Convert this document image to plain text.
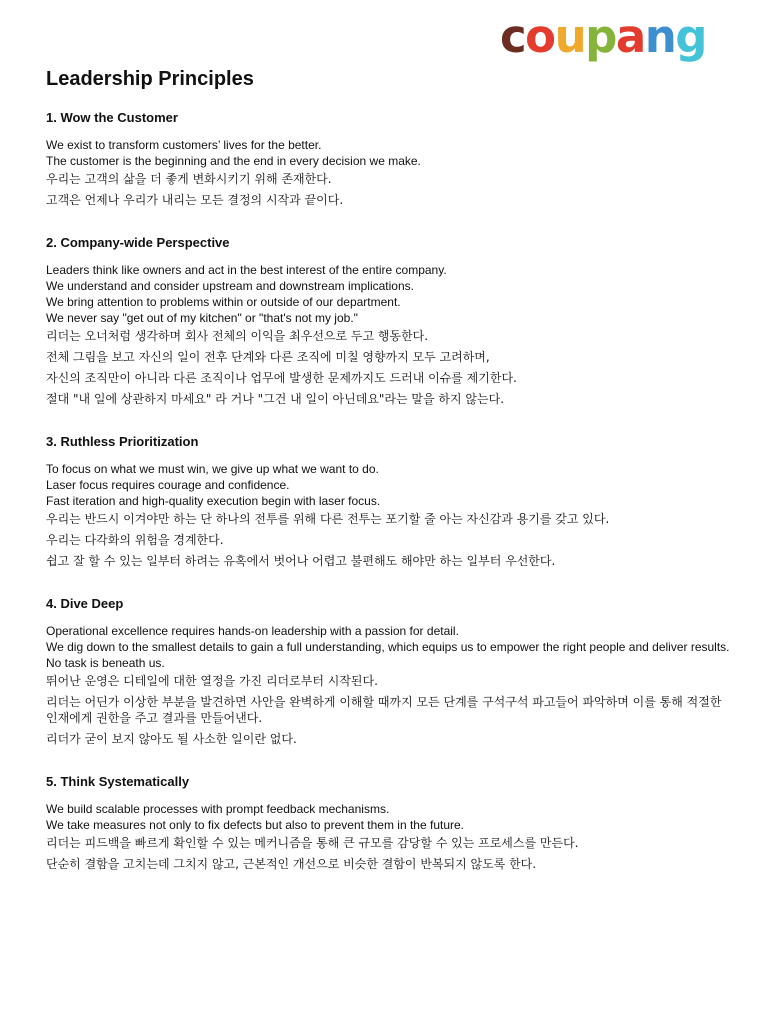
coupang
Leadership Principles
1. Wow the Customer

We exist to transform customers’ lives for the better.

The customer is the beginning and the end in every decision we make.

우리는 고객의 삶을 더 좋게 변화시키기 위해 존재한다.

고객은 언제나 우리가 내리는 모든 결정의 시작과 끝이다.

2. Company-wide Perspective

Leaders think like owners and act in the best interest of the entire company.

We understand and consider upstream and downstream implications.

We bring attention to problems within or outside of our department.

We never say "get out of my kitchen" or "that's not my job."

리더는 오너처럼 생각하며 회사 전체의 이익을 최우선으로 두고 행동한다.

전체 그림을 보고 자신의 일이 전후 단계와 다른 조직에 미칠 영향까지 모두 고려하며,

자신의 조직만이 아니라 다른 조직이나 업무에 발생한 문제까지도 드러내 이슈를 제기한다.

절대 "내 일에 상관하지 마세요" 라 거나 "그건 내 일이 아닌데요"라는 말을 하지 않는다.

3. Ruthless Prioritization

To focus on what we must win, we give up what we want to do.

Laser focus requires courage and confidence.

Fast iteration and high-quality execution begin with laser focus.

우리는 반드시 이겨야만 하는 단 하나의 전투를 위해 다른 전투는 포기할 줄 아는 자신감과 용기를 갖고 있다.

우리는 다각화의 위험을 경계한다.

쉽고 잘 할 수 있는 일부터 하려는 유혹에서 벗어나 어렵고 불편해도 해야만 하는 일부터 우선한다.

4. Dive Deep

Operational excellence requires hands-on leadership with a passion for detail.

We dig down to the smallest details to gain a full understanding, which equips us to empower the right people and deliver results.

No task is beneath us.

뛰어난 운영은 디테일에 대한 열정을 가진 리더로부터 시작된다.

리더는 어딘가 이상한 부분을 발견하면 사안을 완벽하게 이해할 때까지 모든 단계를 구석구석 파고들어 파악하며 이를 통해 적절한 인재에게 권한을 주고 결과를 만들어낸다.

리더가 굳이 보지 않아도 될 사소한 일이란 없다.

5. Think Systematically

We build scalable processes with prompt feedback mechanisms.

We take measures not only to fix defects but also to prevent them in the future.

리더는 피드백을 빠르게 확인할 수 있는 메커니즘을 통해 큰 규모를 감당할 수 있는 프로세스를 만든다.

단순히 결함을 고치는데 그치지 않고, 근본적인 개선으로 비슷한 결함이 반복되지 않도록 한다.
